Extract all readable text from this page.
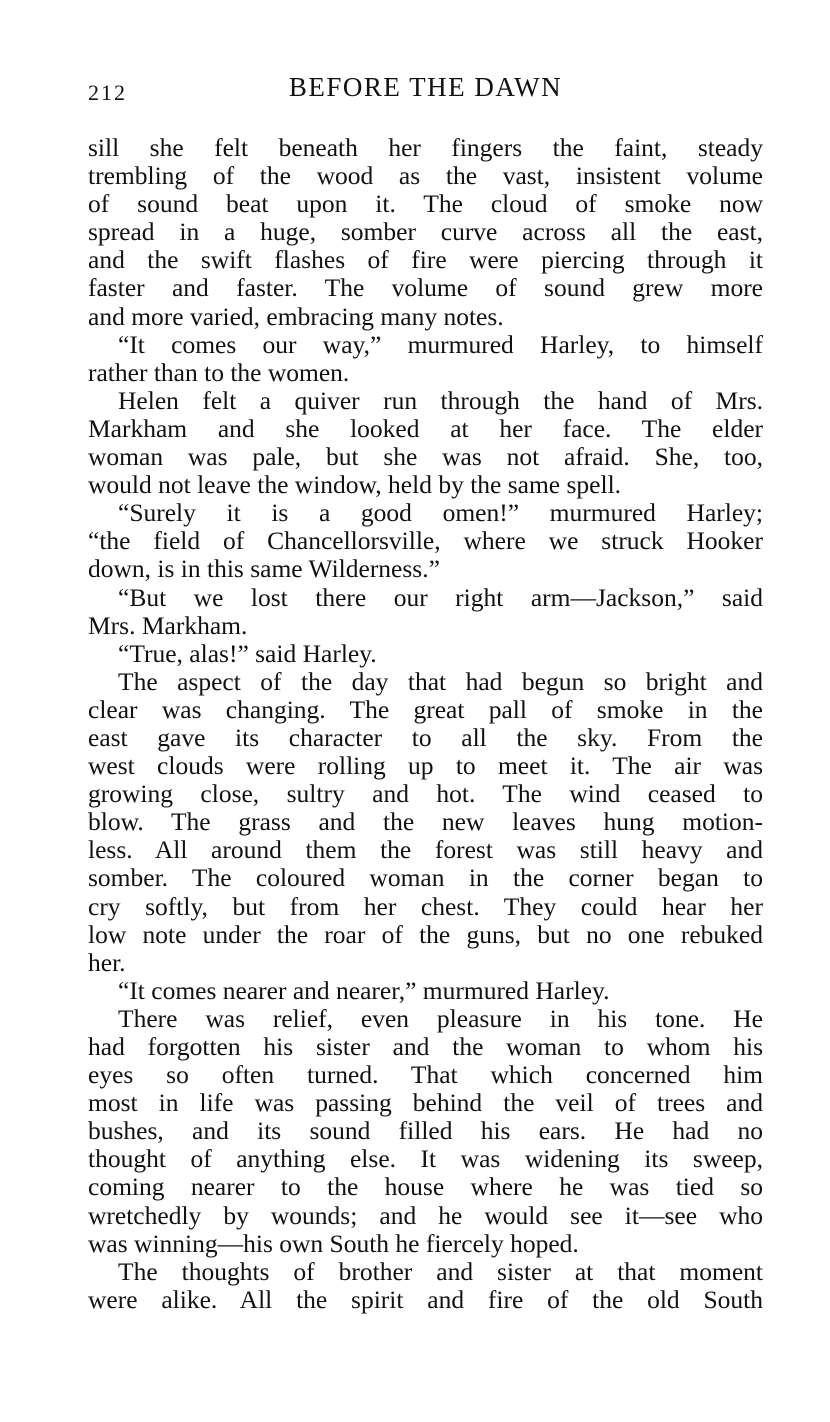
212	BEFORE THE DAWN
sill she felt beneath her fingers the faint, steady
trembling of the wood as the vast, insistent volume
of sound beat upon it. The cloud of smoke now
spread in a huge, somber curve across all the east,
and the swift flashes of fire were piercing through it
faster and faster. The volume of sound grew more
and more varied, embracing many notes.
“It comes our way,” murmured Harley, to himself
rather than to the women.
Helen felt a quiver run through the hand of Mrs.
Markham and she looked at her face. The elder
woman was pale, but she was not afraid. She, too,
would not leave the window, held by the same spell.
“Surely it is a good omen!” murmured Harley;
“the field of Chancellorsville, where we struck Hooker
down, is in this same Wilderness.”
“But we lost there our right arm—Jackson,” said
Mrs. Markham.
“True, alas!” said Harley.
The aspect of the day that had begun so bright and
clear was changing. The great pall of smoke in the
east gave its character to all the sky. From the
west clouds were rolling up to meet it. The air was
growing close, sultry and hot. The wind ceased to
blow. The grass and the new leaves hung motion-
less. All around them the forest was still heavy and
somber. The coloured woman in the corner began to
cry softly, but from her chest. They could hear her
low note under the roar of the guns, but no one rebuked
her.
“It comes nearer and nearer,” murmured Harley.
There was relief, even pleasure in his tone. He
had forgotten his sister and the woman to whom his
eyes so often turned. That which concerned him
most in life was passing behind the veil of trees and
bushes, and its sound filled his ears. He had no
thought of anything else. It was widening its sweep,
coming nearer to the house where he was tied so
wretchedly by wounds; and he would see it—see who
was winning—his own South he fiercely hoped.
The thoughts of brother and sister at that moment
were alike. All the spirit and fire of the old South
